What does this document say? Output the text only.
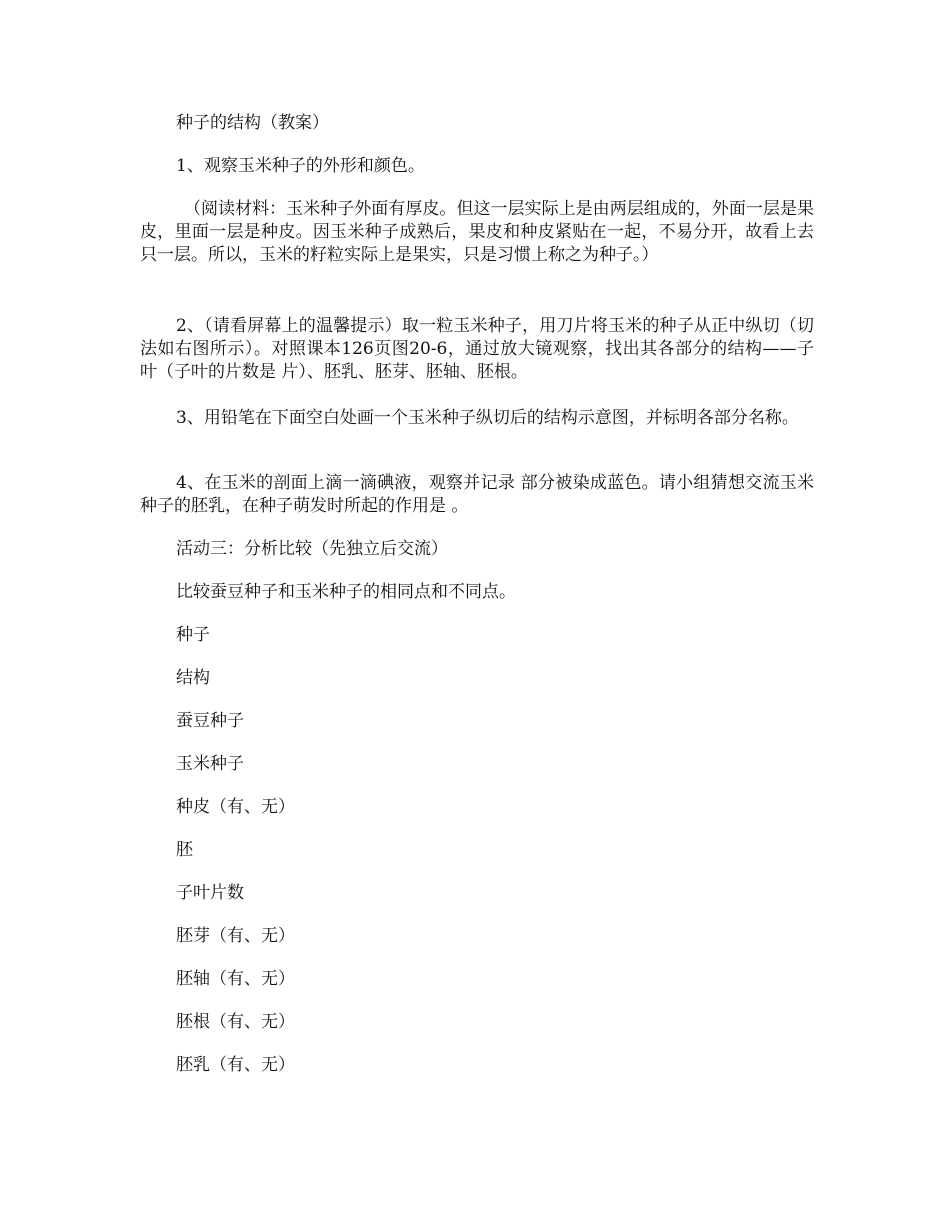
种子的结构（教案）

1、观察玉米种子的外形和颜色。

（阅读材料：玉米种子外面有厚皮。但这一层实际上是由两层组成的，外面一层是果皮，里面一层是种皮。因玉米种子成熟后，果皮和种皮紧贴在一起，不易分开，故看上去只一层。所以，玉米的籽粒实际上是果实，只是习惯上称之为种子。）

2、（请看屏幕上的温馨提示）取一粒玉米种子，用刀片将玉米的种子从正中纵切（切法如右图所示）。对照课本126页图20-6，通过放大镜观察，找出其各部分的结构——子叶（子叶的片数是 片）、胚乳、胚芽、胚轴、胚根。

3、用铅笔在下面空白处画一个玉米种子纵切后的结构示意图，并标明各部分名称。

4、在玉米的剖面上滴一滴碘液，观察并记录 部分被染成蓝色。请小组猜想交流玉米种子的胚乳，在种子萌发时所起的作用是 。

活动三：分析比较（先独立后交流）

比较蚕豆种子和玉米种子的相同点和不同点。

种子

结构

蚕豆种子

玉米种子

种皮（有、无）

胚

子叶片数

胚芽（有、无）

胚轴（有、无）

胚根（有、无）

胚乳（有、无）
